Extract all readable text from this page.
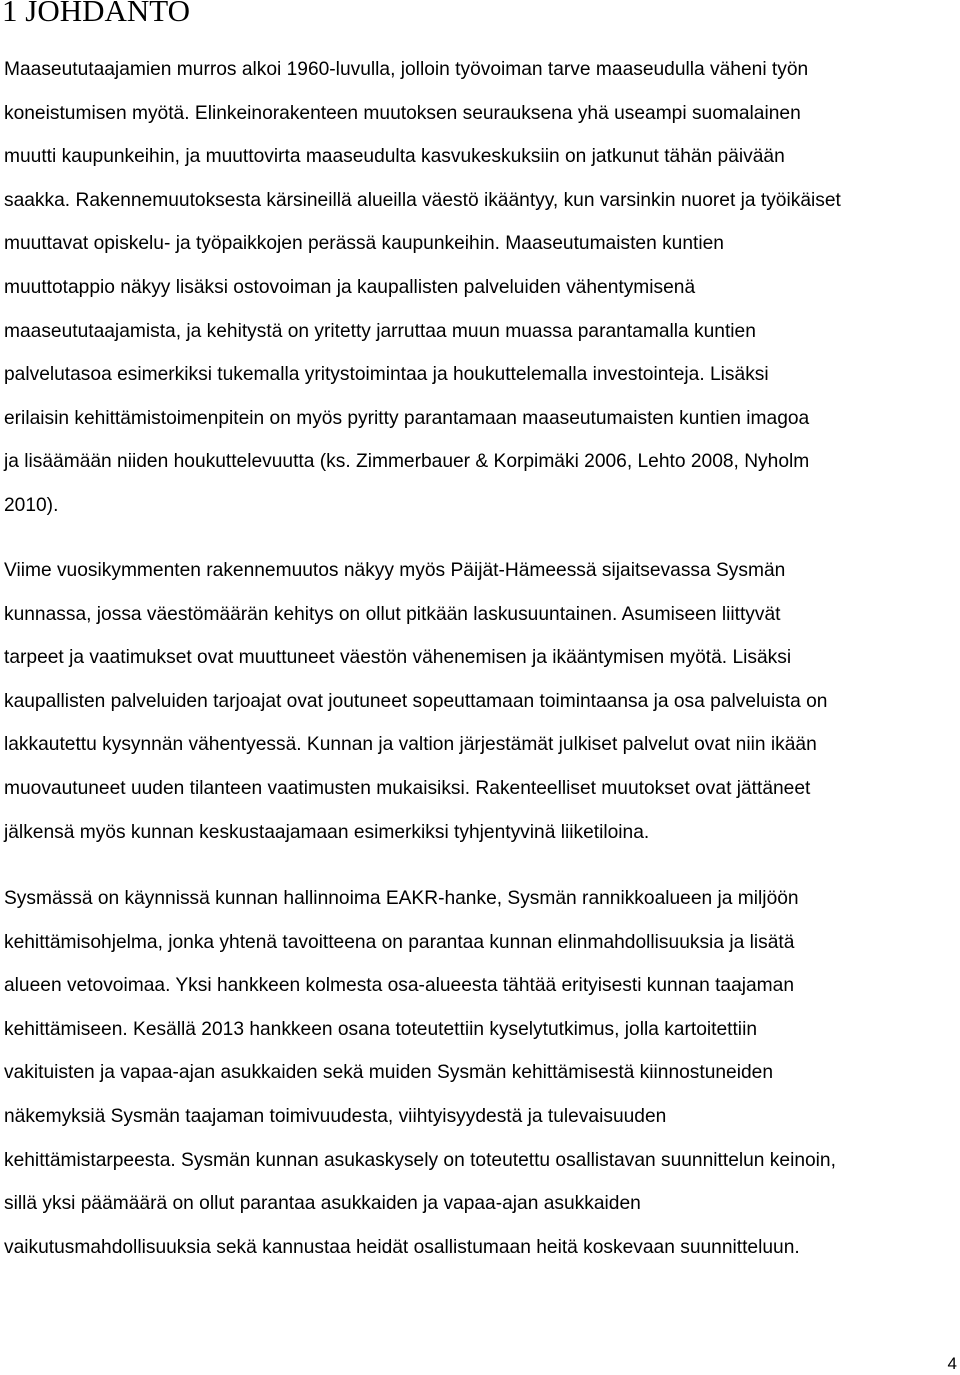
1 JOHDANTO

Maaseututaajamien murros alkoi 1960-luvulla, jolloin työvoiman tarve maaseudulla väheni työn
koneistumisen myötä. Elinkeinorakenteen muutoksen seurauksena yhä useampi suomalainen
muutti kaupunkeihin, ja muuttovirta maaseudulta kasvukeskuksiin on jatkunut tähän päivään
saakka. Rakennemuutoksesta kärsineillä alueilla väestö ikääntyy, kun varsinkin nuoret ja työikäiset
muuttavat opiskelu- ja työpaikkojen perässä kaupunkeihin. Maaseutumaisten kuntien
muuttotappio näkyy lisäksi ostovoiman ja kaupallisten palveluiden vähentymisenä
maaseututaajamista, ja kehitystä on yritetty jarruttaa muun muassa parantamalla kuntien
palvelutasoa esimerkiksi tukemalla yritystoimintaa ja houkuttelemalla investointeja. Lisäksi
erilaisin kehittämistoimenpitein on myös pyritty parantamaan maaseutumaisten kuntien imagoa
ja lisäämään niiden houkuttelevuutta (ks. Zimmerbauer & Korpimäki 2006, Lehto 2008, Nyholm
2010).

Viime vuosikymmenten rakennemuutos näkyy myös Päijät-Hämeessä sijaitsevassa Sysmän
kunnassa, jossa väestömäärän kehitys on ollut pitkään laskusuuntainen. Asumiseen liittyvät
tarpeet ja vaatimukset ovat muuttuneet väestön vähenemisen ja ikääntymisen myötä. Lisäksi
kaupallisten palveluiden tarjoajat ovat joutuneet sopeuttamaan toimintaansa ja osa palveluista on
lakkautettu kysynnän vähentyessä. Kunnan ja valtion järjestämät julkiset palvelut ovat niin ikään
muovautuneet uuden tilanteen vaatimusten mukaisiksi. Rakenteelliset muutokset ovat jättäneet
jälkensä myös kunnan keskustaajamaan esimerkiksi tyhjentyvinä liiketiloina.

Sysmässä on käynnissä kunnan hallinnoima EAKR-hanke, Sysmän rannikkoalueen ja miljöön
kehittämisohjelma, jonka yhtenä tavoitteena on parantaa kunnan elinmahdollisuuksia ja lisätä
alueen vetovoimaa. Yksi hankkeen kolmesta osa-alueesta tähtää erityisesti kunnan taajaman
kehittämiseen. Kesällä 2013 hankkeen osana toteutettiin kyselytutkimus, jolla kartoitettiin
vakituisten ja vapaa-ajan asukkaiden sekä muiden Sysmän kehittämisestä kiinnostuneiden
näkemyksiä Sysmän taajaman toimivuudesta, viihtyisyydestä ja tulevaisuuden
kehittämistarpeesta. Sysmän kunnan asukaskysely on toteutettu osallistavan suunnittelun keinoin,
sillä yksi päämäärä on ollut parantaa asukkaiden ja vapaa-ajan asukkaiden
vaikutusmahdollisuuksia sekä kannustaa heidät osallistumaan heitä koskevaan suunnitteluun.

4
